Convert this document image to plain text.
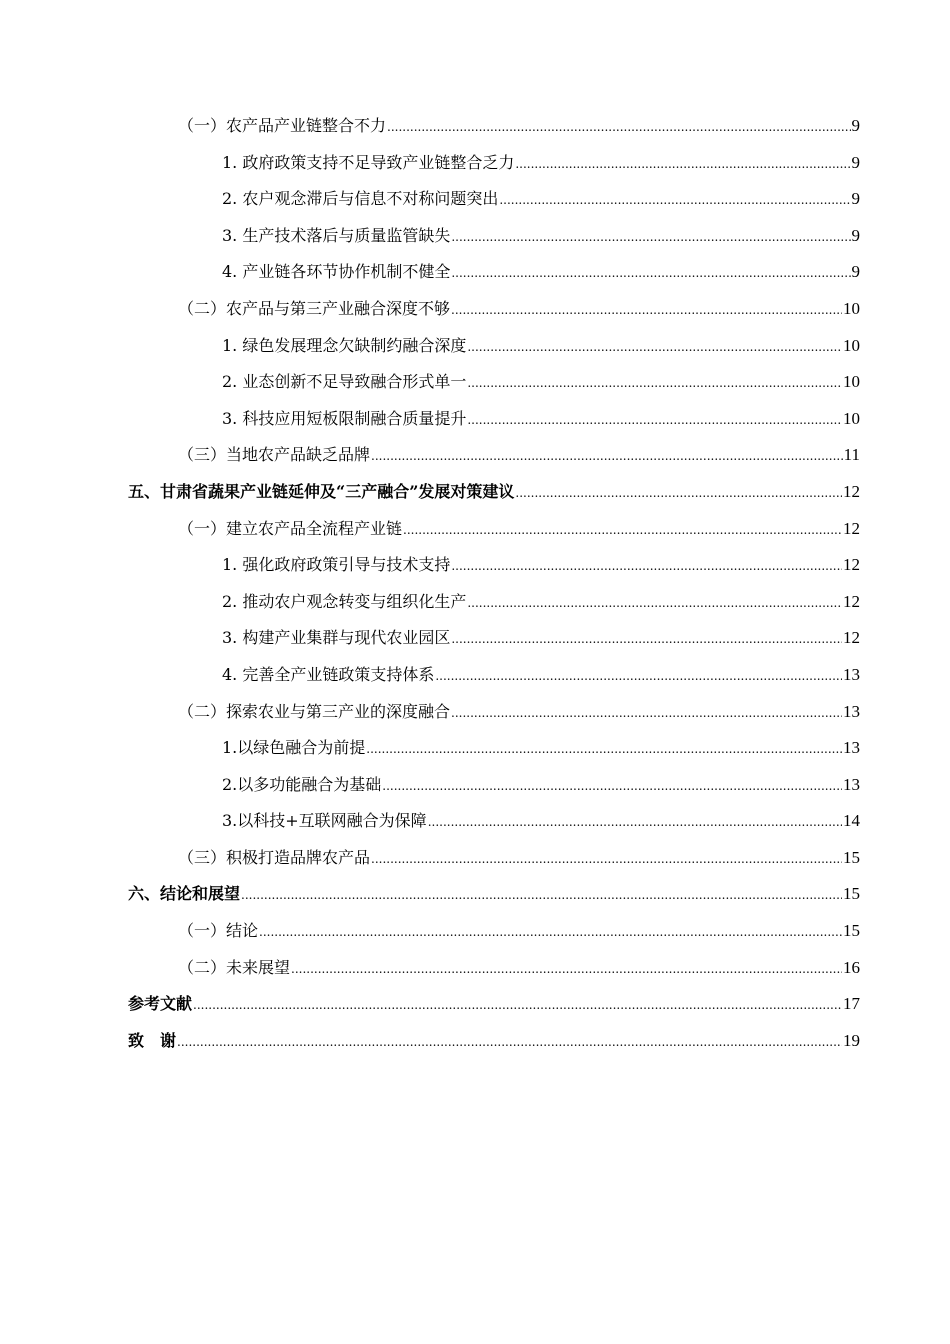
（一）农产品产业链整合不力 .....	9
1. 政府政策支持不足导致产业链整合乏力 .....	9
2. 农户观念滞后与信息不对称问题突出 .....	9
3. 生产技术落后与质量监管缺失 .....	9
4. 产业链各环节协作机制不健全 .....	9
（二）农产品与第三产业融合深度不够 .....	10
1. 绿色发展理念欠缺制约融合深度 .....	10
2. 业态创新不足导致融合形式单一 .....	10
3. 科技应用短板限制融合质量提升 .....	10
（三）当地农产品缺乏品牌 .....	11
五、甘肃省蔬果产业链延伸及“三产融合”发展对策建议 .....	12
（一）建立农产品全流程产业链 .....	12
1. 强化政府政策引导与技术支持 .....	12
2. 推动农户观念转变与组织化生产 .....	12
3. 构建产业集群与现代农业园区 .....	12
4. 完善全产业链政策支持体系 .....	13
（二）探索农业与第三产业的深度融合 .....	13
1.以绿色融合为前提 .....	13
2.以多功能融合为基础 .....	13
3.以科技+互联网融合为保障 .....	14
（三）积极打造品牌农产品 .....	15
六、结论和展望 .....	15
（一）结论 .....	15
（二）未来展望 .....	16
参考文献 .....	17
致　谢 .....	19
